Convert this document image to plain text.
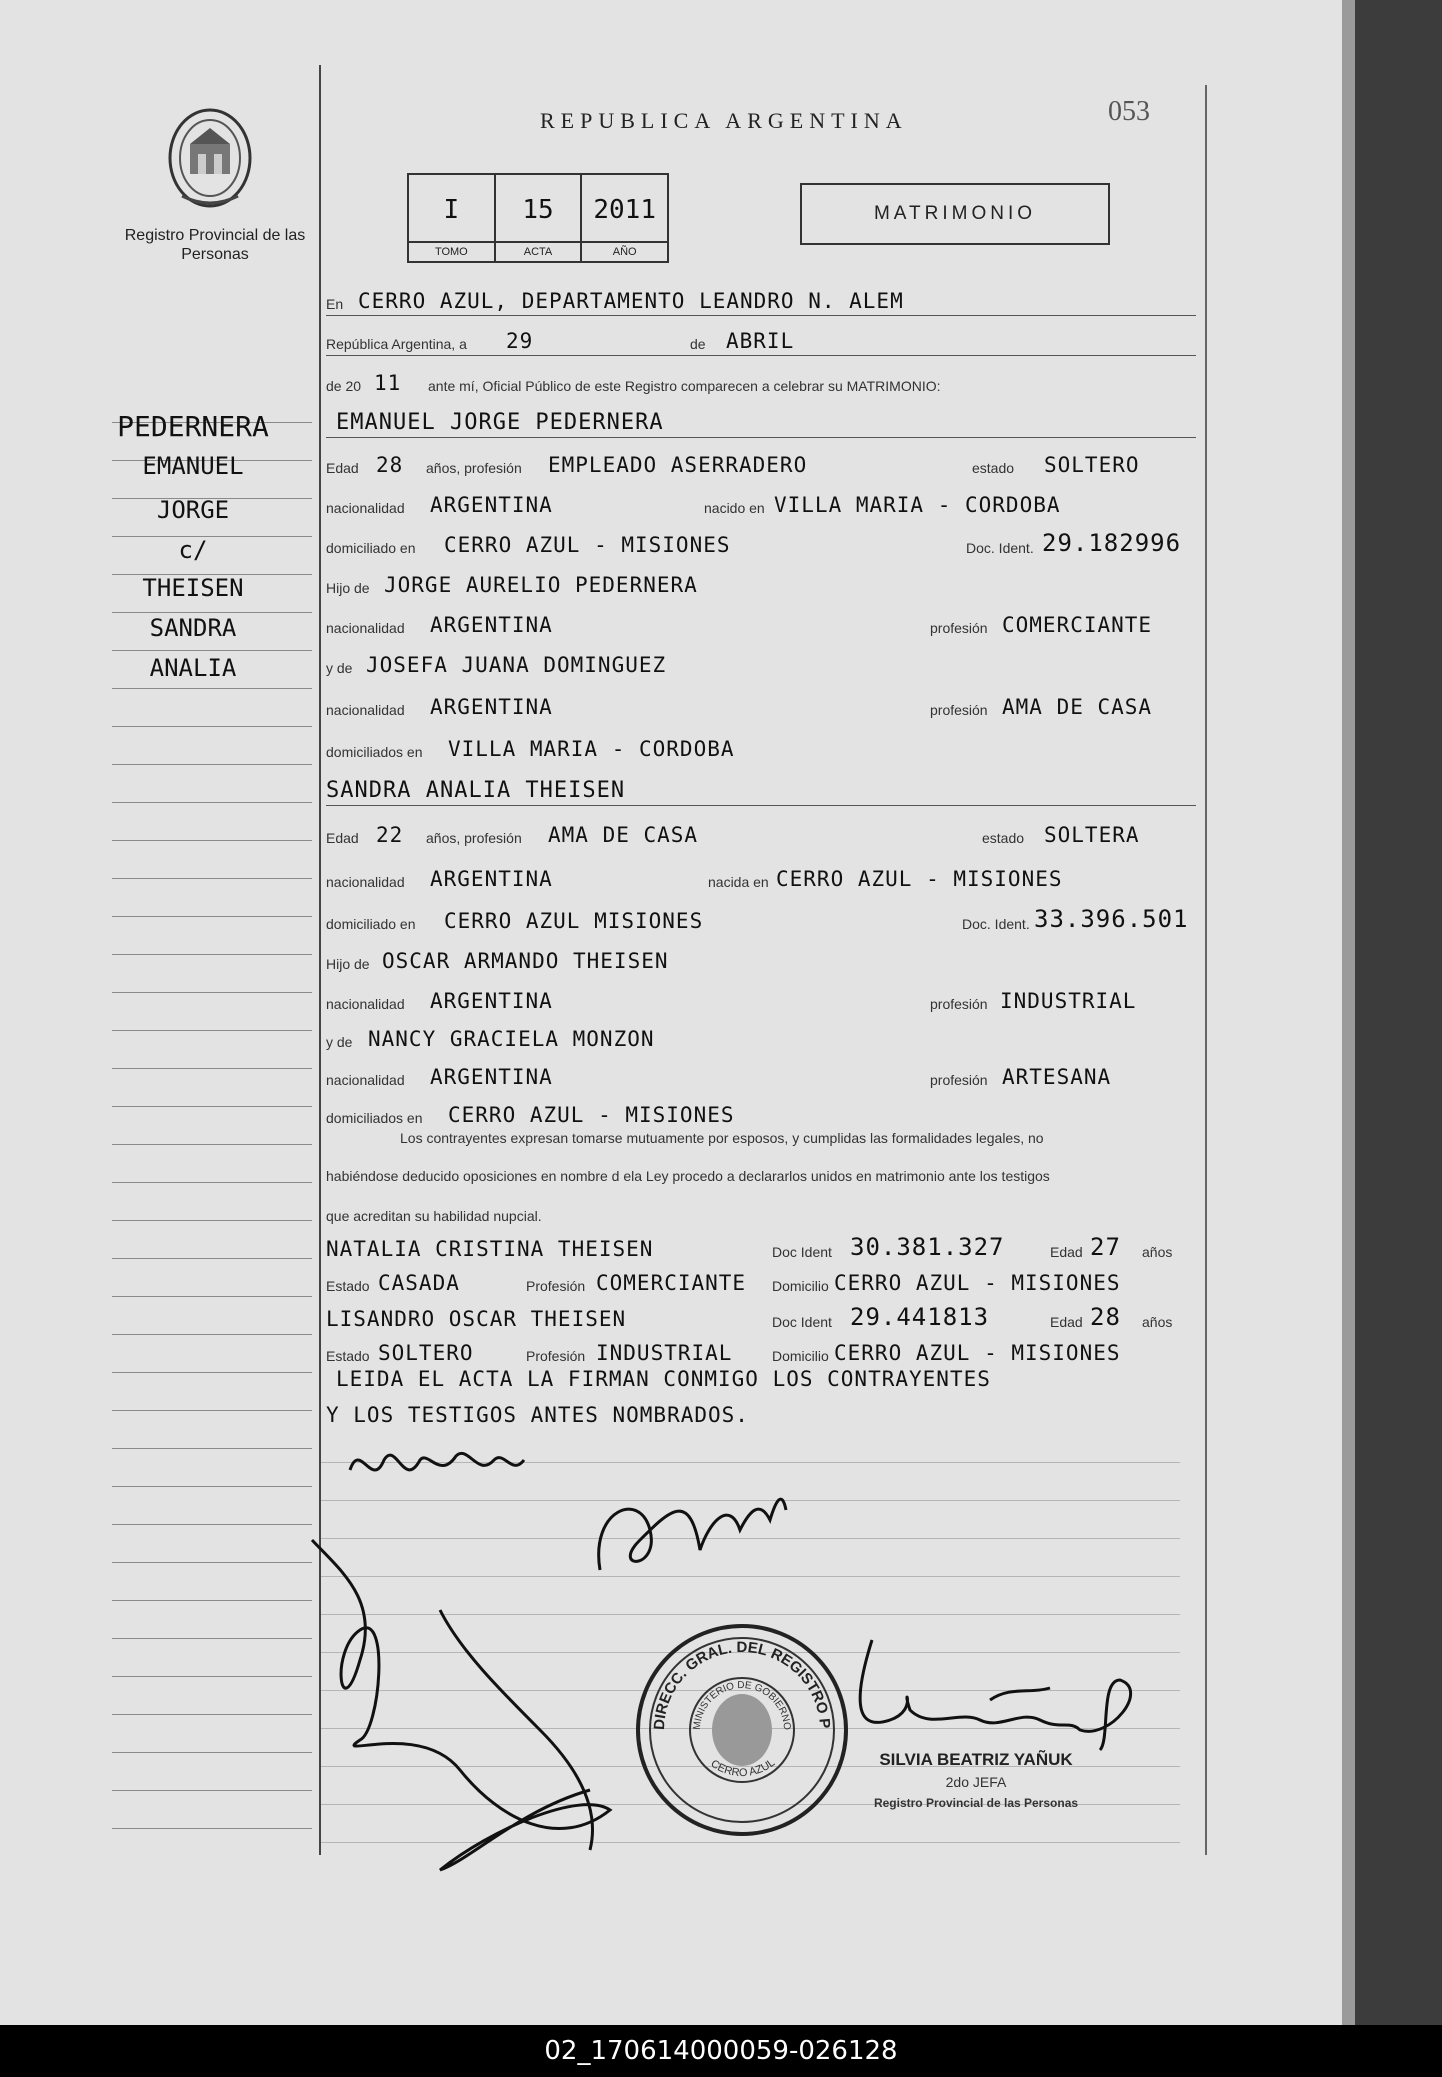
Registro Provincial de las Personas
REPUBLICA ARGENTINA	053
I
TOMO
15
ACTA
2011
AÑO
MATRIMONIO
PEDERNERA
EMANUEL
JORGE
c/
THEISEN
SANDRA
ANALIA
En CERRO AZUL, DEPARTAMENTO LEANDRO N. ALEM
República Argentina, a 29	de ABRIL
de 20 11 ante mí, Oficial Público de este Registro comparecen a celebrar su MATRIMONIO:
EMANUEL JORGE PEDERNERA
Edad 28 años, profesión EMPLEADO ASERRADERO	estado SOLTERO
nacionalidad ARGENTINA	nacido en VILLA MARIA - CORDOBA
domiciliado en CERRO AZUL - MISIONES	Doc. Ident. 29.182996
Hijo de JORGE AURELIO PEDERNERA
nacionalidad ARGENTINA	profesión COMERCIANTE
y de JOSEFA JUANA DOMINGUEZ
nacionalidad ARGENTINA	profesión AMA DE CASA
domiciliados en VILLA MARIA - CORDOBA
SANDRA ANALIA THEISEN
Edad 22 años, profesión AMA DE CASA	estado SOLTERA
nacionalidad ARGENTINA	nacida en CERRO AZUL - MISIONES
domiciliado en CERRO AZUL MISIONES	Doc. Ident. 33.396.501
Hijo de OSCAR ARMANDO THEISEN
nacionalidad ARGENTINA	profesión INDUSTRIAL
y de NANCY GRACIELA MONZON
nacionalidad ARGENTINA	profesión ARTESANA
domiciliados en CERRO AZUL - MISIONES
Los contrayentes expresan tomarse mutuamente por esposos, y cumplidas las formalidades legales, no
habiéndose deducido oposiciones en nombre d ela Ley procedo a declararlos unidos en matrimonio ante los testigos
que acreditan su habilidad nupcial.
NATALIA CRISTINA THEISEN	Doc Ident 30.381.327	Edad 27 años
Estado CASADA	Profesión COMERCIANTE Domicilio CERRO AZUL - MISIONES
LISANDRO OSCAR THEISEN	Doc Ident 29.441813	Edad 28 años
Estado SOLTERO	Profesión INDUSTRIAL	Domicilio CERRO AZUL - MISIONES
LEIDA EL ACTA LA FIRMAN CONMIGO LOS CONTRAYENTES
Y LOS TESTIGOS ANTES NOMBRADOS.
DIRECC. GRAL. DEL REGISTRO P
MINISTERIO DE GOBIERNO
CERRO AZUL	SILVIA BEATRIZ YAÑUK
2do JEFA
Registro Provincial de las Personas
02_170614000059-026128
